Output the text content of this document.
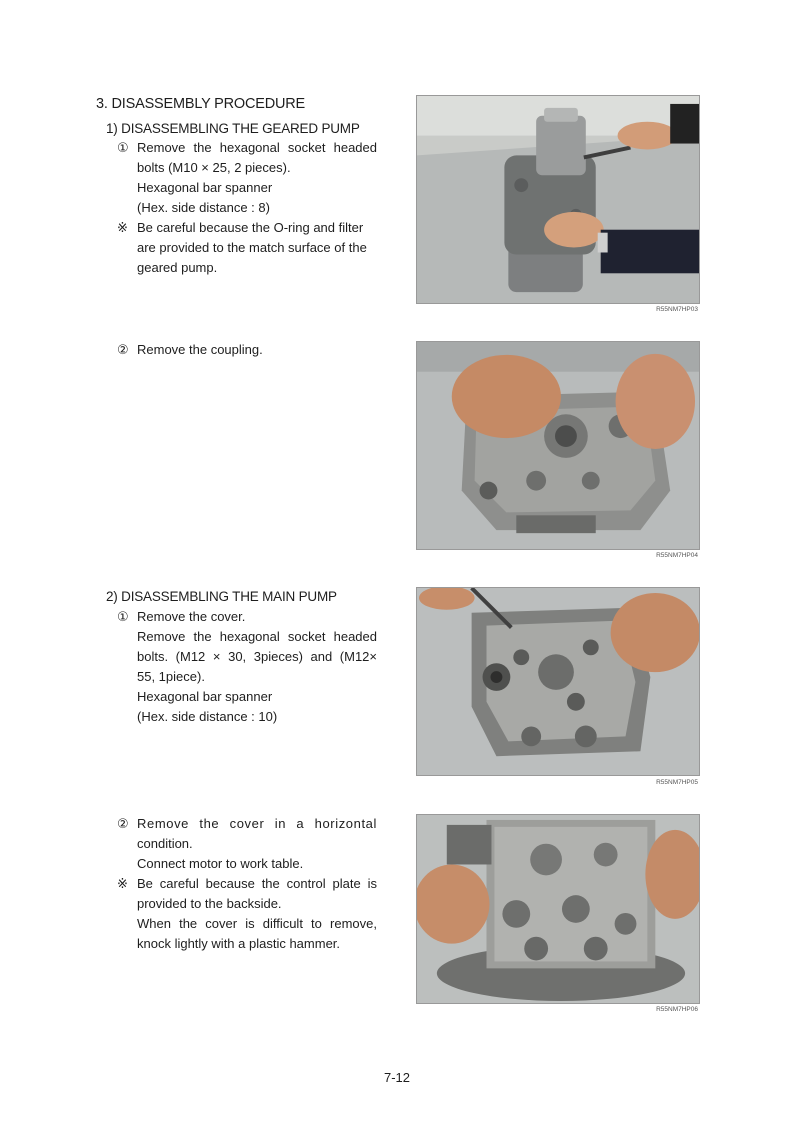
3. DISASSEMBLY PROCEDURE
1) DISASSEMBLING THE GEARED PUMP
① Remove the hexagonal socket headed
bolts (M10 × 25, 2 pieces).
Hexagonal bar spanner
(Hex. side distance : 8)
※ Be careful because the O-ring and filter
are provided to the match surface of the
geared pump.
R55NM7HP03
② Remove the coupling.
R55NM7HP04
2) DISASSEMBLING THE MAIN PUMP
① Remove the cover.
Remove the hexagonal socket headed
bolts. (M12 × 30, 3pieces) and (M12×
55, 1piece).
Hexagonal bar spanner
(Hex. side distance : 10)
R55NM7HP05
② Remove the cover in a horizontal
condition.
Connect motor to work table.
※ Be careful because the control plate is
provided to the backside.
When the cover is difficult to remove,
knock lightly with a plastic hammer.
R55NM7HP06
7-12
